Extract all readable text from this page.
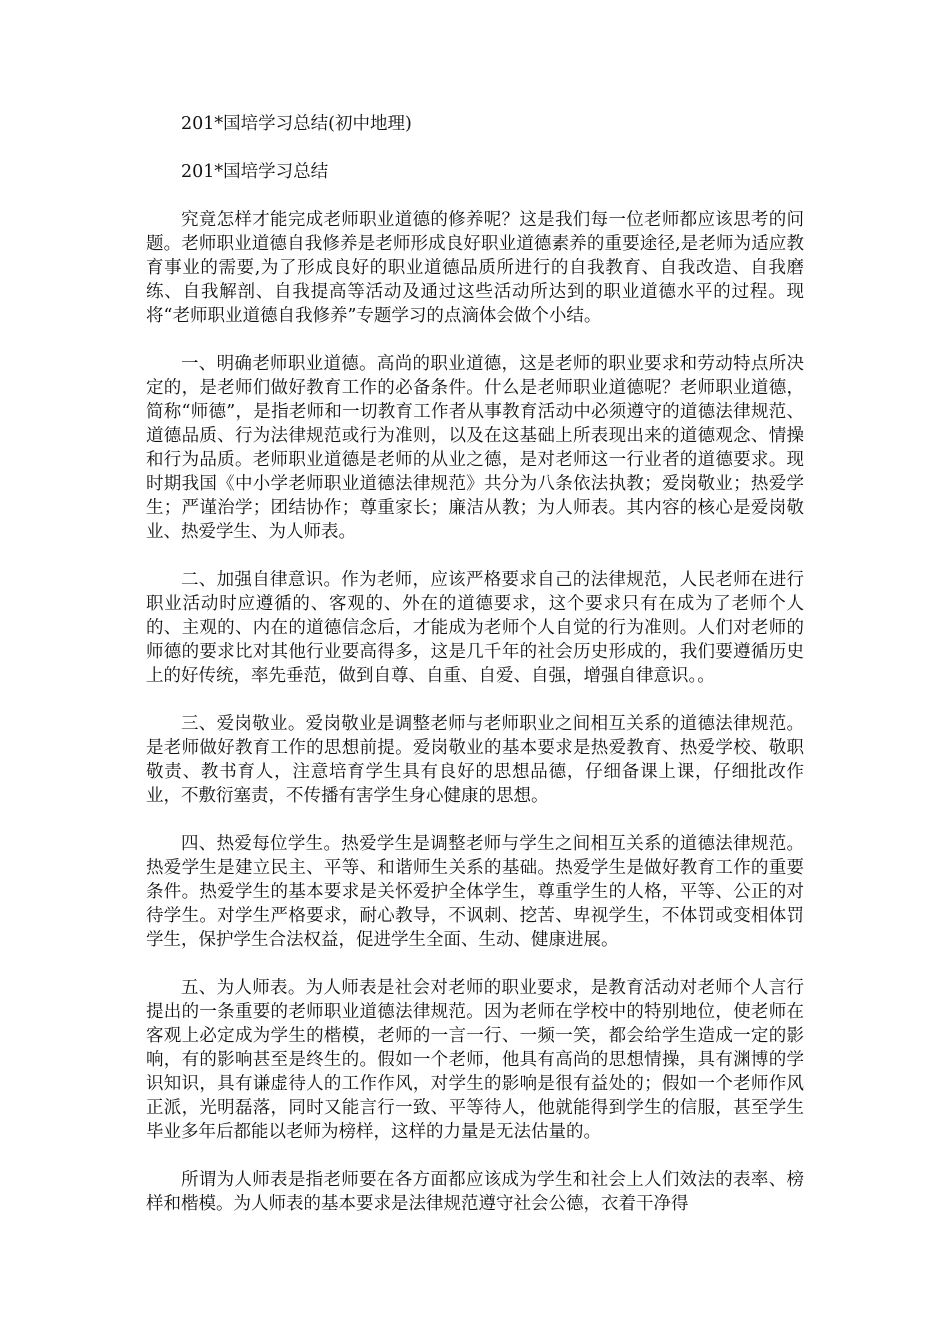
201*国培学习总结(初中地理)

201*国培学习总结

究竟怎样才能完成老师职业道德的修养呢？这是我们每一位老师都应该思考的问题。老师职业道德自我修养是老师形成良好职业道德素养的重要途径,是老师为适应教育事业的需要,为了形成良好的职业道德品质所进行的自我教育、自我改造、自我磨练、自我解剖、自我提高等活动及通过这些活动所达到的职业道德水平的过程。现将“老师职业道德自我修养”专题学习的点滴体会做个小结。

一、明确老师职业道德。高尚的职业道德，这是老师的职业要求和劳动特点所决定的，是老师们做好教育工作的必备条件。什么是老师职业道德呢？老师职业道德，简称“师德”，是指老师和一切教育工作者从事教育活动中必须遵守的道德法律规范、道德品质、行为法律规范或行为准则，以及在这基础上所表现出来的道德观念、情操和行为品质。老师职业道德是老师的从业之德，是对老师这一行业者的道德要求。现时期我国《中小学老师职业道德法律规范》共分为八条依法执教；爱岗敬业；热爱学生；严谨治学；团结协作；尊重家长；廉洁从教；为人师表。其内容的核心是爱岗敬业、热爱学生、为人师表。

二、加强自律意识。作为老师，应该严格要求自己的法律规范，人民老师在进行职业活动时应遵循的、客观的、外在的道德要求，这个要求只有在成为了老师个人的、主观的、内在的道德信念后，才能成为老师个人自觉的行为准则。人们对老师的师德的要求比对其他行业要高得多，这是几千年的社会历史形成的，我们要遵循历史上的好传统，率先垂范，做到自尊、自重、自爱、自强，增强自律意识。。

三、爱岗敬业。爱岗敬业是调整老师与老师职业之间相互关系的道德法律规范。是老师做好教育工作的思想前提。爱岗敬业的基本要求是热爱教育、热爱学校、敬职敬责、教书育人，注意培育学生具有良好的思想品德，仔细备课上课，仔细批改作业，不敷衍塞责，不传播有害学生身心健康的思想。

四、热爱每位学生。热爱学生是调整老师与学生之间相互关系的道德法律规范。热爱学生是建立民主、平等、和谐师生关系的基础。热爱学生是做好教育工作的重要条件。热爱学生的基本要求是关怀爱护全体学生，尊重学生的人格，平等、公正的对待学生。对学生严格要求，耐心教导，不讽刺、挖苦、卑视学生，不体罚或变相体罚学生，保护学生合法权益，促进学生全面、生动、健康进展。

五、为人师表。为人师表是社会对老师的职业要求，是教育活动对老师个人言行提出的一条重要的老师职业道德法律规范。因为老师在学校中的特别地位，使老师在客观上必定成为学生的楷模，老师的一言一行、一频一笑，都会给学生造成一定的影响，有的影响甚至是终生的。假如一个老师，他具有高尚的思想情操，具有渊博的学识知识，具有谦虚待人的工作作风，对学生的影响是很有益处的；假如一个老师作风正派，光明磊落，同时又能言行一致、平等待人，他就能得到学生的信服，甚至学生毕业多年后都能以老师为榜样，这样的力量是无法估量的。

所谓为人师表是指老师要在各方面都应该成为学生和社会上人们效法的表率、榜样和楷模。为人师表的基本要求是法律规范遵守社会公德，衣着干净得
